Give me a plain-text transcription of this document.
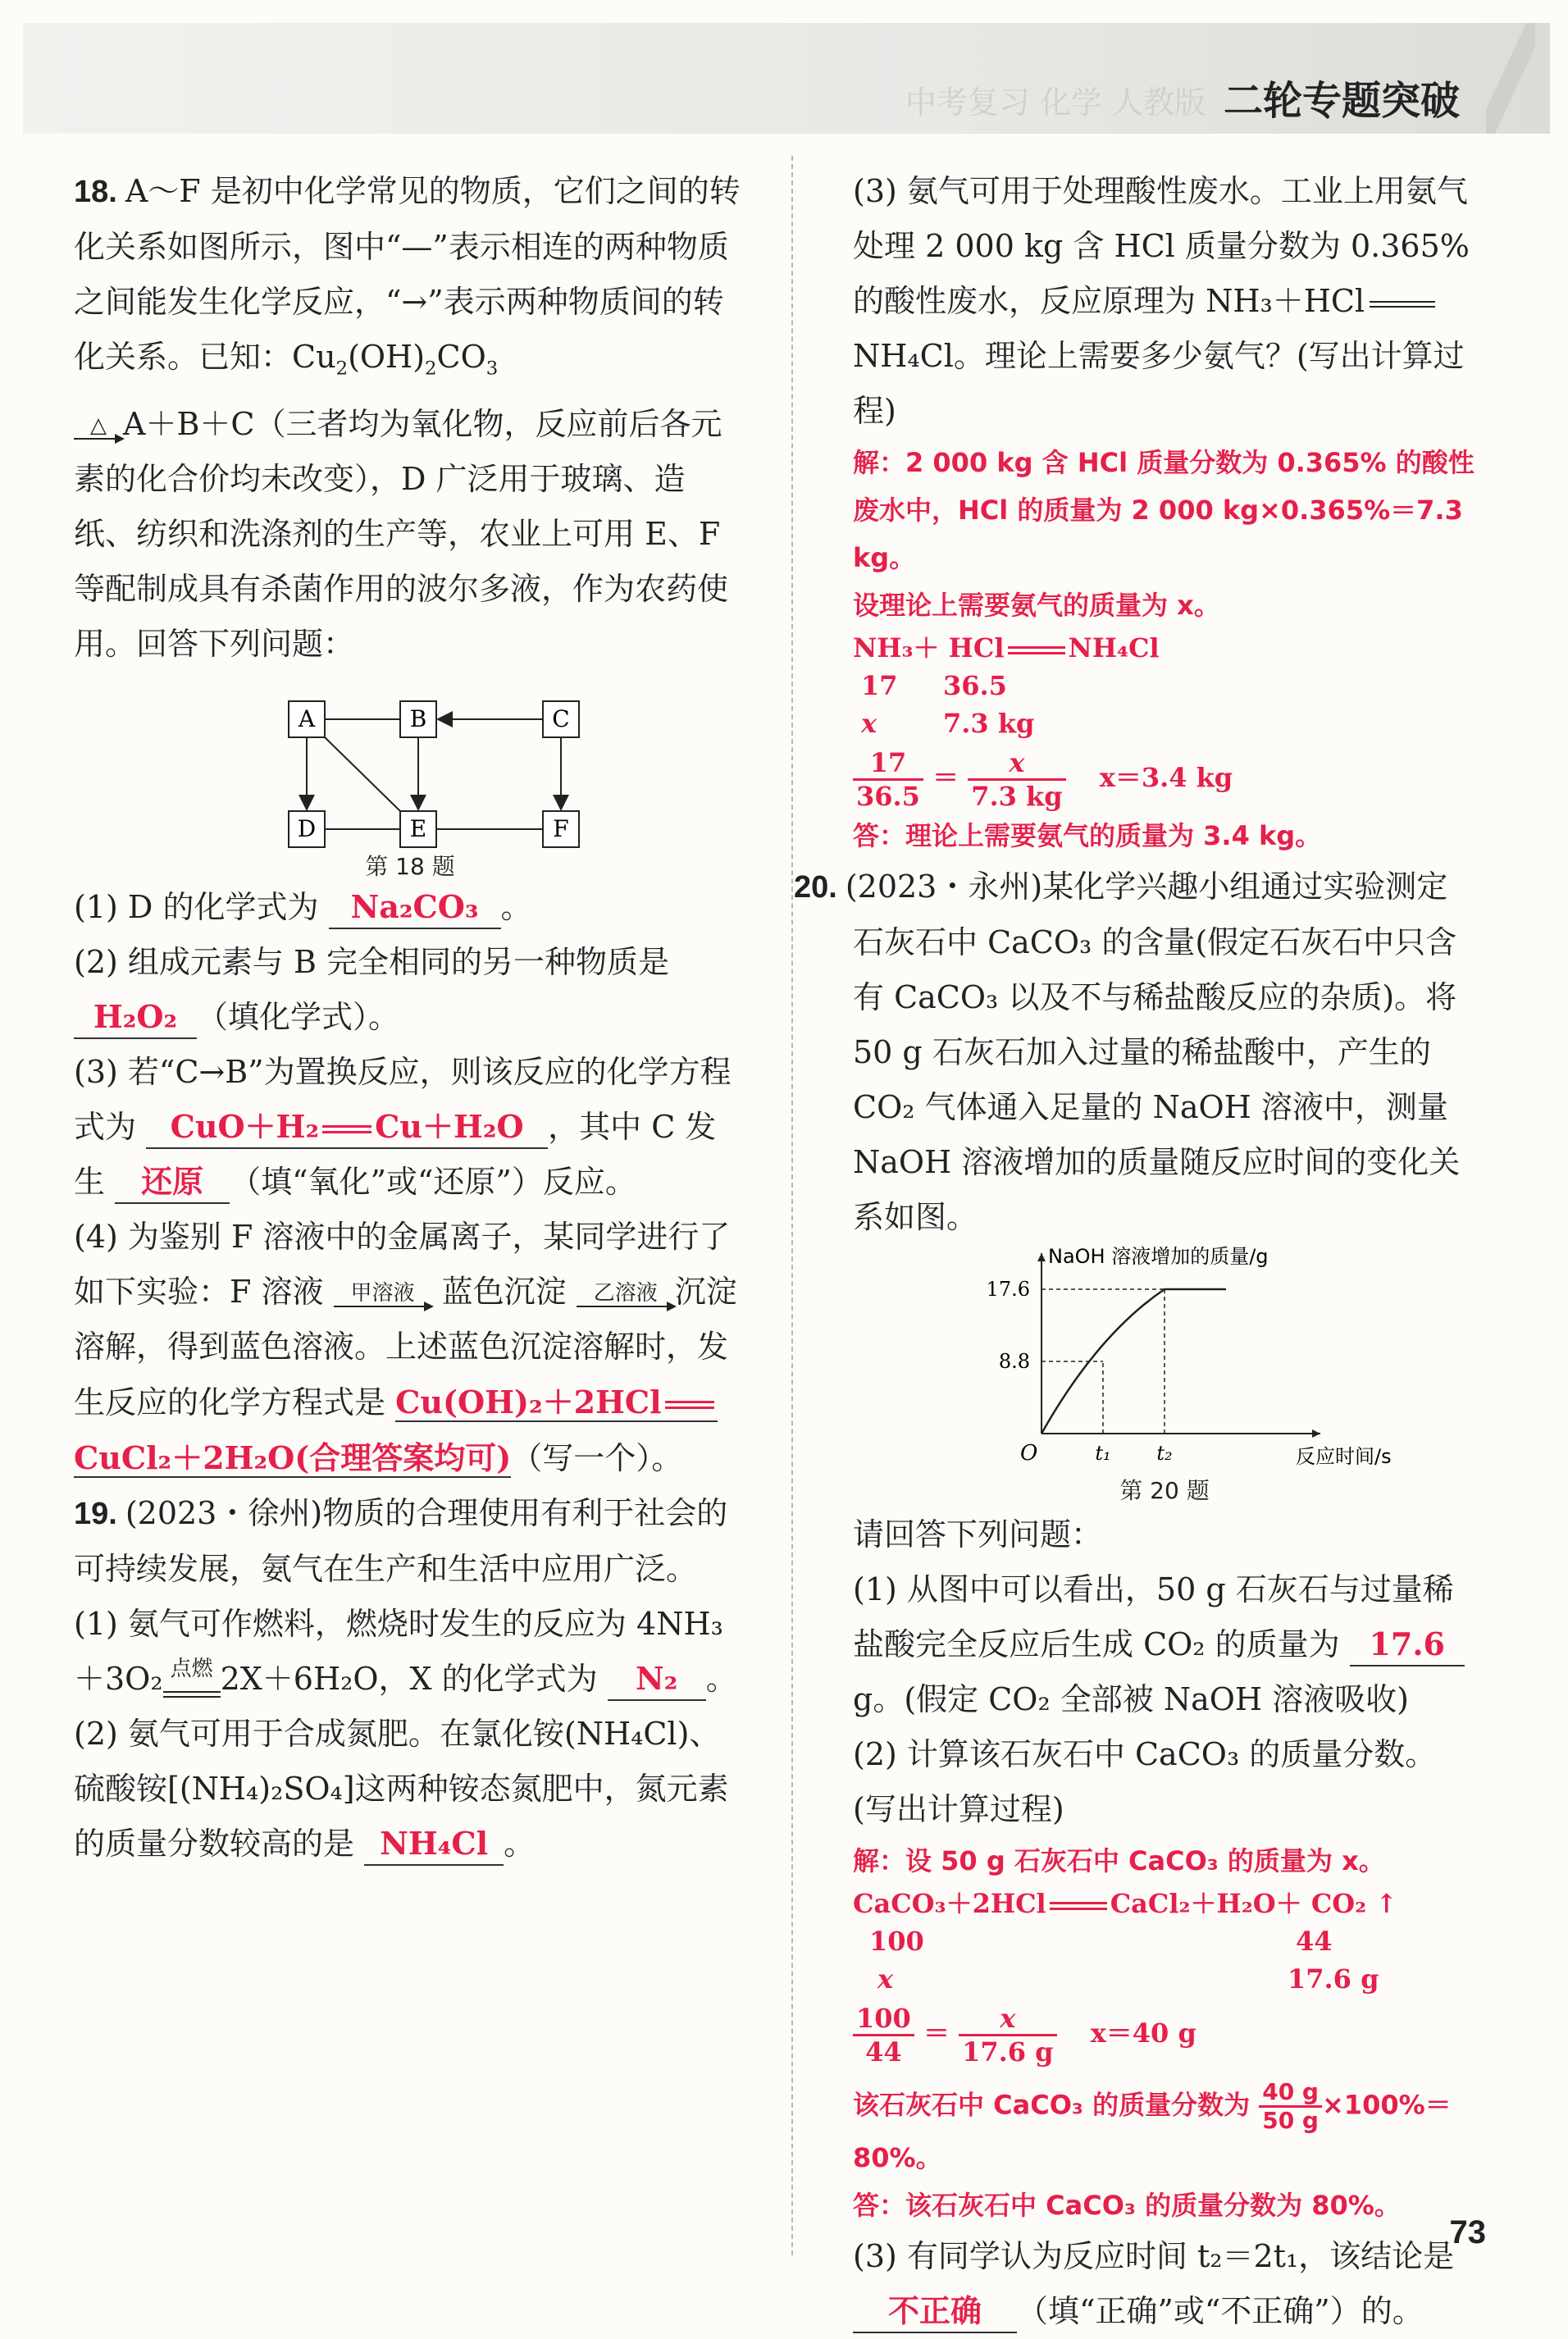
中考复习 化学 人教版 二轮专题突破

18. A～F 是初中化学常见的物质，它们之间的转化关系如图所示，图中“—”表示相连的两种物质之间能发生化学反应，“→”表示两种物质间的转化关系。已知：$Cu_2(OH)_2CO_3$

△ A＋B＋C（三者均为氧化物，反应前后各元素的化合价均未改变），D 广泛用于玻璃、造纸、纺织和洗涤剂的生产等，农业上可用 E、F 等配制成具有杀菌作用的波尔多液，作为农药使用。回答下列问题：

A	B	C
D	E	F
第 18 题

(1) D 的化学式为 Na₂CO₃ 。

(2) 组成元素与 B 完全相同的另一种物质是 H₂O₂ （填化学式）。

(3) 若“C→B”为置换反应，则该反应的化学方程式为 CuO＋H₂ Cu＋H₂O ，其中 C 发生 还原 （填“氧化”或“还原”）反应。

(4) 为鉴别 F 溶液中的金属离子，某同学进行了如下实验：F 溶液	甲溶液 蓝色沉淀	乙溶液 沉淀溶解，得到蓝色溶液。上述蓝色沉淀溶解时，发生反应的化学方程式是 Cu(OH)₂＋2HClCuCl₂＋2H₂O(合理答案均可)（写一个）。

19. (2023・徐州)物质的合理使用有利于社会的可持续发展，氨气在生产和生活中应用广泛。

(1) 氨气可作燃料，燃烧时发生的反应为 4NH₃＋3O₂ 点燃 2X＋6H₂O，X 的化学式为 N₂ 。

(2) 氨气可用于合成氮肥。在氯化铵(NH₄Cl)、硫酸铵[(NH₄)₂SO₄]这两种铵态氮肥中，氮元素的质量分数较高的是 NH₄Cl 。

(3) 氨气可用于处理酸性废水。工业上用氨气处理 2 000 kg 含 HCl 质量分数为 0.365% 的酸性废水，反应原理为 NH₃＋HClNH₄Cl。理论上需要多少氨气？(写出计算过程)

解：2 000 kg 含 HCl 质量分数为 0.365% 的酸性废水中，HCl 的质量为 2 000 kg×0.365%＝7.3 kg。

设理论上需要氨气的质量为 x。

NH₃＋ HCl NH₄Cl
17 36.5
x	7.3 kg
$\frac{17}{36.5} = \frac{x}{7.3 kg} x=3.4$ kg

答：理论上需要氨气的质量为 3.4 kg。

20. (2023・永州)某化学兴趣小组通过实验测定石灰石中 CaCO₃ 的含量(假定石灰石中只含有 CaCO₃ 以及不与稀盐酸反应的杂质)。将 50 g 石灰石加入过量的稀盐酸中，产生的 CO₂ 气体通入足量的 NaOH 溶液中，测量 NaOH 溶液增加的质量随反应时间的变化关系如图。

NaOH 溶液增加的质量/g
反应时间/s
O
8.8
17.6
t₁ t₂
第 20 题

请回答下列问题：

(1) 从图中可以看出，50 g 石灰石与过量稀盐酸完全反应后生成 CO₂ 的质量为 17.6g。(假定 CO₂ 全部被 NaOH 溶液吸收)

(2) 计算该石灰石中 CaCO₃ 的质量分数。(写出计算过程)

解：设 50 g 石灰石中 CaCO₃ 的质量为 x。

CaCO₃＋2HCl CaCl₂＋H₂O＋ CO₂ ↑
100	44
x	17.6 g
$\frac{100}{44} = \frac{x}{17.6 g} x=40$ g
该石灰石中 CaCO₃ 的质量分数为 $\frac{40 g}{50 g} \times 100\%=80\%$。

答：该石灰石中 CaCO₃ 的质量分数为 80%。

(3) 有同学认为反应时间 t₂＝2t₁，该结论是 不正确 （填“正确”或“不正确”）的。

73
